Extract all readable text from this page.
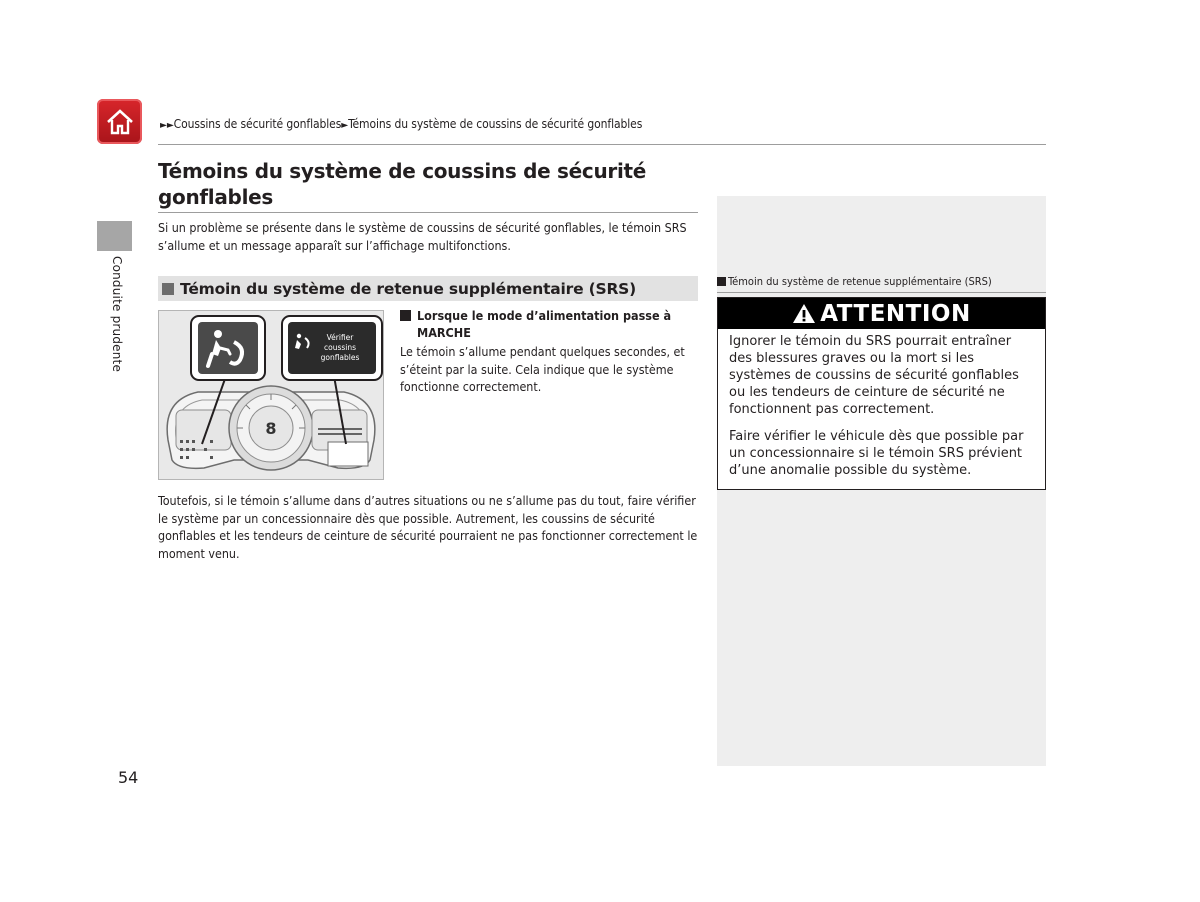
►►Coussins de sécurité gonflables►Témoins du système de coussins de sécurité gonflables
Conduite prudente
Témoins du système de coussins de sécurité gonflables
Si un problème se présente dans le système de coussins de sécurité gonflables, le témoin SRS s’allume et un message apparaît sur l’affichage multifonctions.
Témoin du système de retenue supplémentaire (SRS)
8
Vérifier
coussins
gonflables
Lorsque le mode d’alimentation passe à
MARCHE
Le témoin s’allume pendant quelques secondes, et s’éteint par la suite. Cela indique que le système fonctionne correctement.
Toutefois, si le témoin s’allume dans d’autres situations ou ne s’allume pas du tout, faire vérifier le système par un concessionnaire dès que possible. Autrement, les coussins de sécurité gonflables et les tendeurs de ceinture de sécurité pourraient ne pas fonctionner correctement le moment venu.
54
Témoin du système de retenue supplémentaire (SRS)
ATTENTION

Ignorer le témoin du SRS pourrait entraîner des blessures graves ou la mort si les systèmes de coussins de sécurité gonflables ou les tendeurs de ceinture de sécurité ne fonctionnent pas correctement.

Faire vérifier le véhicule dès que possible par un concessionnaire si le témoin SRS prévient d’une anomalie possible du système.
